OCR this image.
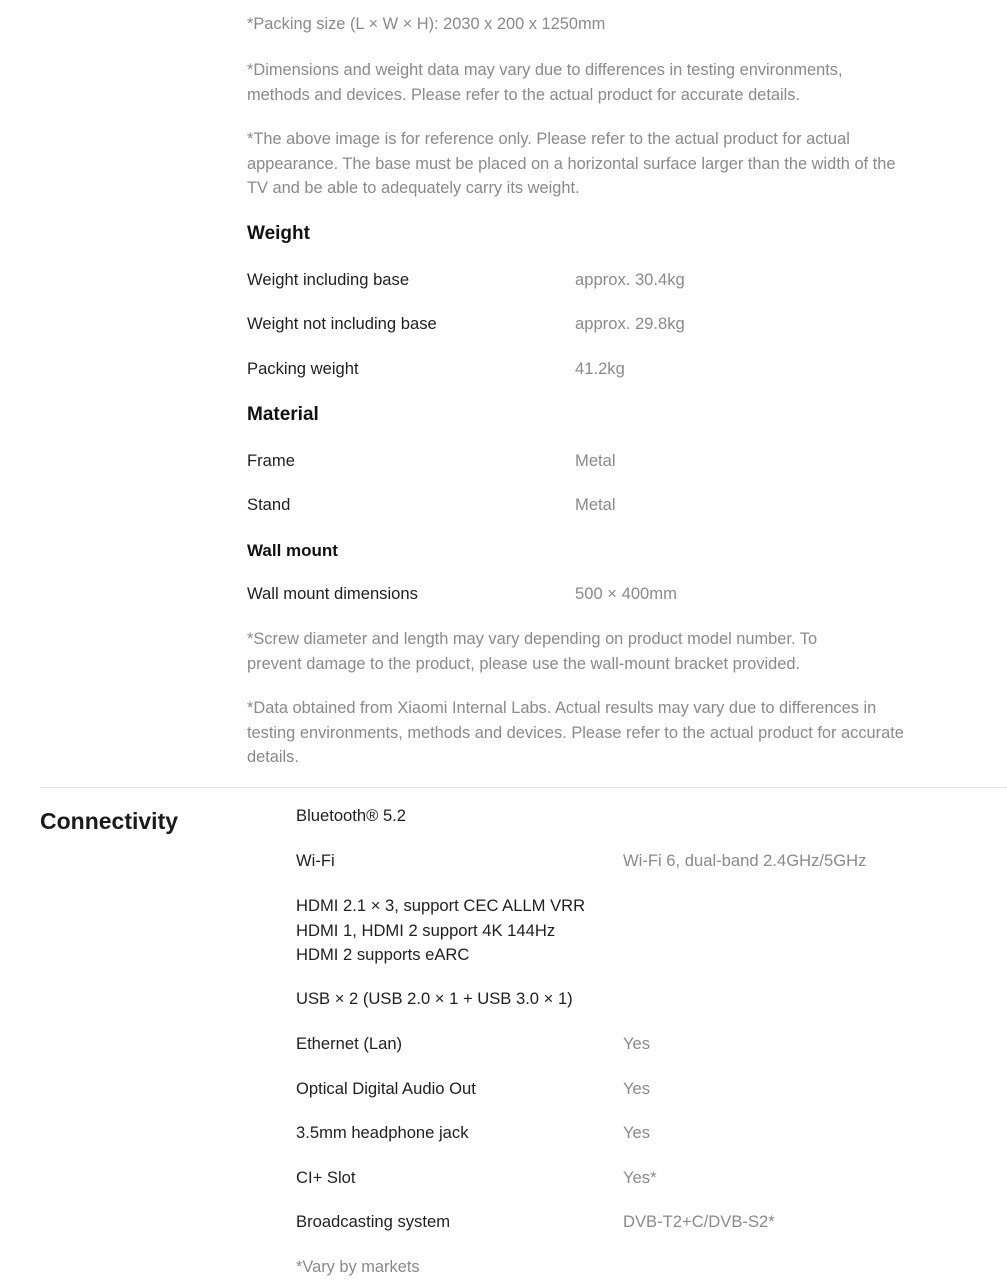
*Packing size (L × W × H): 2030 x 200 x 1250mm
*Dimensions and weight data may vary due to differences in testing environments, methods and devices. Please refer to the actual product for accurate details.
*The above image is for reference only. Please refer to the actual product for actual appearance. The base must be placed on a horizontal surface larger than the width of the TV and be able to adequately carry its weight.
Weight
Weight including base	approx. 30.4kg
Weight not including base	approx. 29.8kg
Packing weight	41.2kg
Material
Frame	Metal
Stand	Metal
Wall mount
Wall mount dimensions	500 × 400mm
*Screw diameter and length may vary depending on product model number. To prevent damage to the product, please use the wall-mount bracket provided.
*Data obtained from Xiaomi Internal Labs. Actual results may vary due to differences in testing environments, methods and devices. Please refer to the actual product for accurate details.
Connectivity	Bluetooth® 5.2
Wi-Fi	Wi-Fi 6, dual-band 2.4GHz/5GHz
HDMI 2.1 × 3, support CEC ALLM VRR
HDMI 1, HDMI 2 support 4K 144Hz
HDMI 2 supports eARC
USB × 2 (USB 2.0 × 1 + USB 3.0 × 1)
Ethernet (Lan)	Yes
Optical Digital Audio Out	Yes
3.5mm headphone jack	Yes
CI+ Slot	Yes*
Broadcasting system	DVB-T2+C/DVB-S2*
*Vary by markets
